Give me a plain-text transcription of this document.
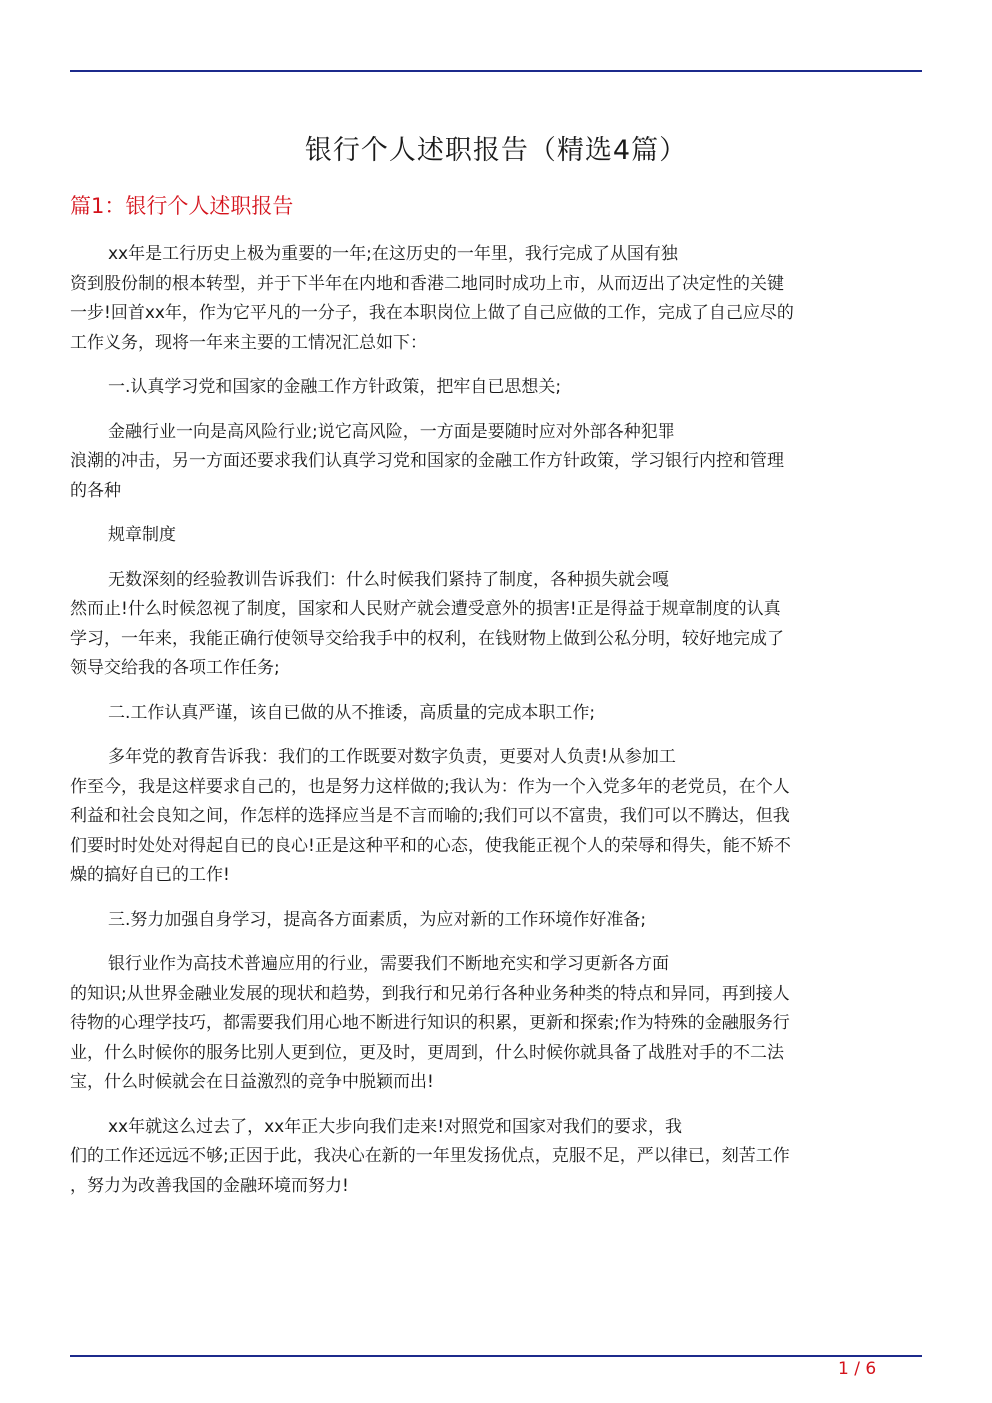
银行个人述职报告（精选4篇）
篇1：银行个人述职报告

xx年是工行历史上极为重要的一年;在这历史的一年里，我行完成了从国有独
资到股份制的根本转型，并于下半年在内地和香港二地同时成功上市，从而迈出了决定性的关键
一步!回首xx年，作为它平凡的一分子，我在本职岗位上做了自己应做的工作，完成了自己应尽的
工作义务，现将一年来主要的工情况汇总如下：

一.认真学习党和国家的金融工作方针政策，把牢自已思想关;

金融行业一向是高风险行业;说它高风险，一方面是要随时应对外部各种犯罪
浪潮的冲击，另一方面还要求我们认真学习党和国家的金融工作方针政策，学习银行内控和管理
的各种

规章制度

无数深刻的经验教训告诉我们：什么时候我们紧持了制度，各种损失就会嘎
然而止!什么时候忽视了制度，国家和人民财产就会遭受意外的损害!正是得益于规章制度的认真
学习，一年来，我能正确行使领导交给我手中的权利，在钱财物上做到公私分明，较好地完成了
领导交给我的各项工作任务;

二.工作认真严谨，该自已做的从不推诿，高质量的完成本职工作;

多年党的教育告诉我：我们的工作既要对数字负责，更要对人负责!从参加工
作至今，我是这样要求自己的，也是努力这样做的;我认为：作为一个入党多年的老党员，在个人
利益和社会良知之间，作怎样的选择应当是不言而喻的;我们可以不富贵，我们可以不腾达，但我
们要时时处处对得起自已的良心!正是这种平和的心态，使我能正视个人的荣辱和得失，能不矫不
燥的搞好自已的工作!

三.努力加强自身学习，提高各方面素质，为应对新的工作环境作好准备;

银行业作为高技术普遍应用的行业，需要我们不断地充实和学习更新各方面
的知识;从世界金融业发展的现状和趋势，到我行和兄弟行各种业务种类的特点和异同，再到接人
待物的心理学技巧，都需要我们用心地不断进行知识的积累，更新和探索;作为特殊的金融服务行
业，什么时候你的服务比别人更到位，更及时，更周到，什么时候你就具备了战胜对手的不二法
宝，什么时候就会在日益激烈的竞争中脱颖而出!

xx年就这么过去了，xx年正大步向我们走来!对照党和国家对我们的要求，我
们的工作还远远不够;正因于此，我决心在新的一年里发扬优点，克服不足，严以律已，刻苦工作
，努力为改善我国的金融环境而努力!

1 / 6
